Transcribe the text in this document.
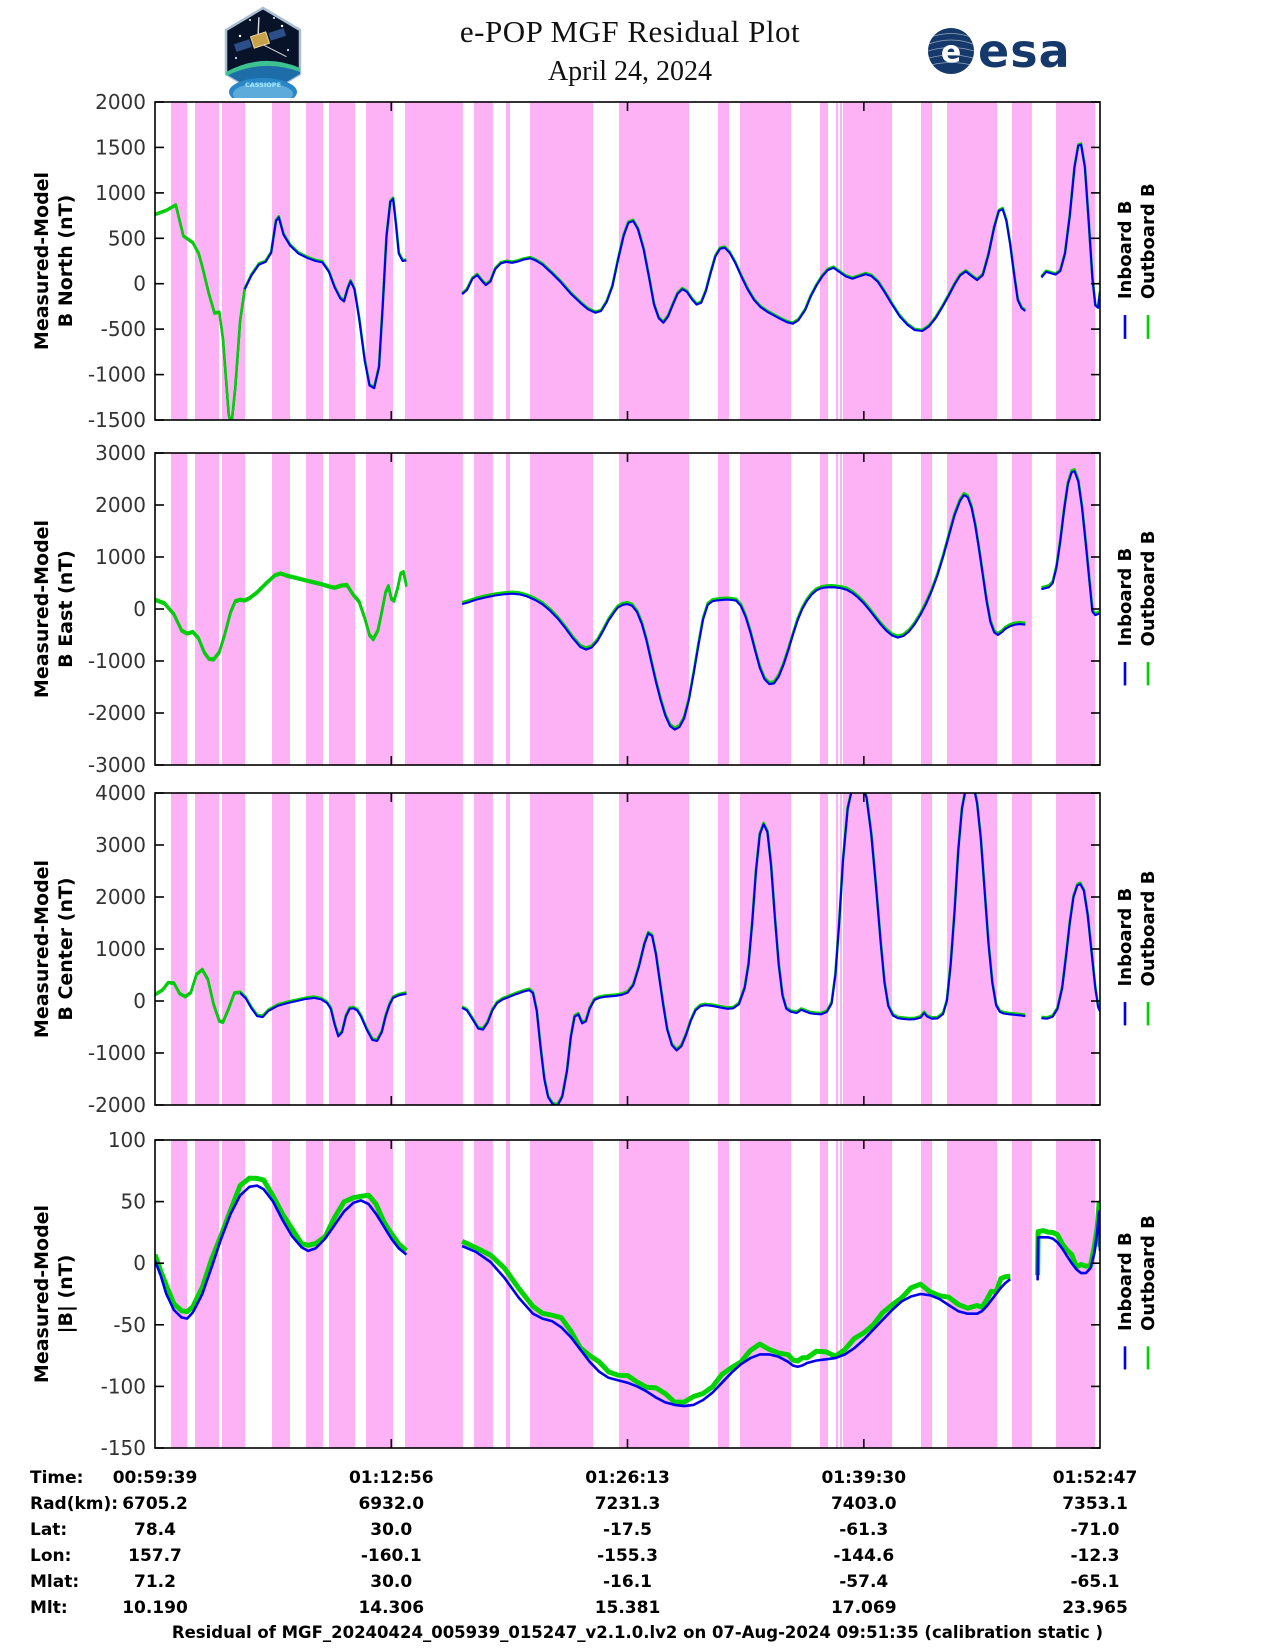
CASSIOPE
e-POP MGF Residual Plot
April 24, 2024
e esa
2000
1500
1000
500
0
-500
-1000
-1500
Measured-Model B North (nT)	Inboard B Outboard B
3000
2000
1000
0
-1000
-2000
-3000
Measured-Model B East (nT)	Inboard B Outboard B
4000
3000
2000
1000
0
-1000
-2000
Measured-Model B Center (nT)	Inboard B Outboard B
100
50
0
-50
-100
-150
Measured-Model |B| (nT)	Inboard B Outboard B
Time: 00:59:39	01:12:56	01:26:13	01:39:30	01:52:47
Rad(km): 6705.2	6932.0	7231.3	7403.0	7353.1
Lat:	78.4	30.0	-17.5	-61.3	-71.0
Lon:	157.7	-160.1	-155.3	-144.6	-12.3
Mlat:	71.2	30.0	-16.1	-57.4	-65.1
Mlt:	10.190	14.306	15.381	17.069	23.965
Residual of MGF_20240424_005939_015247_v2.1.0.lv2 on 07-Aug-2024 09:51:35 (calibration static )
